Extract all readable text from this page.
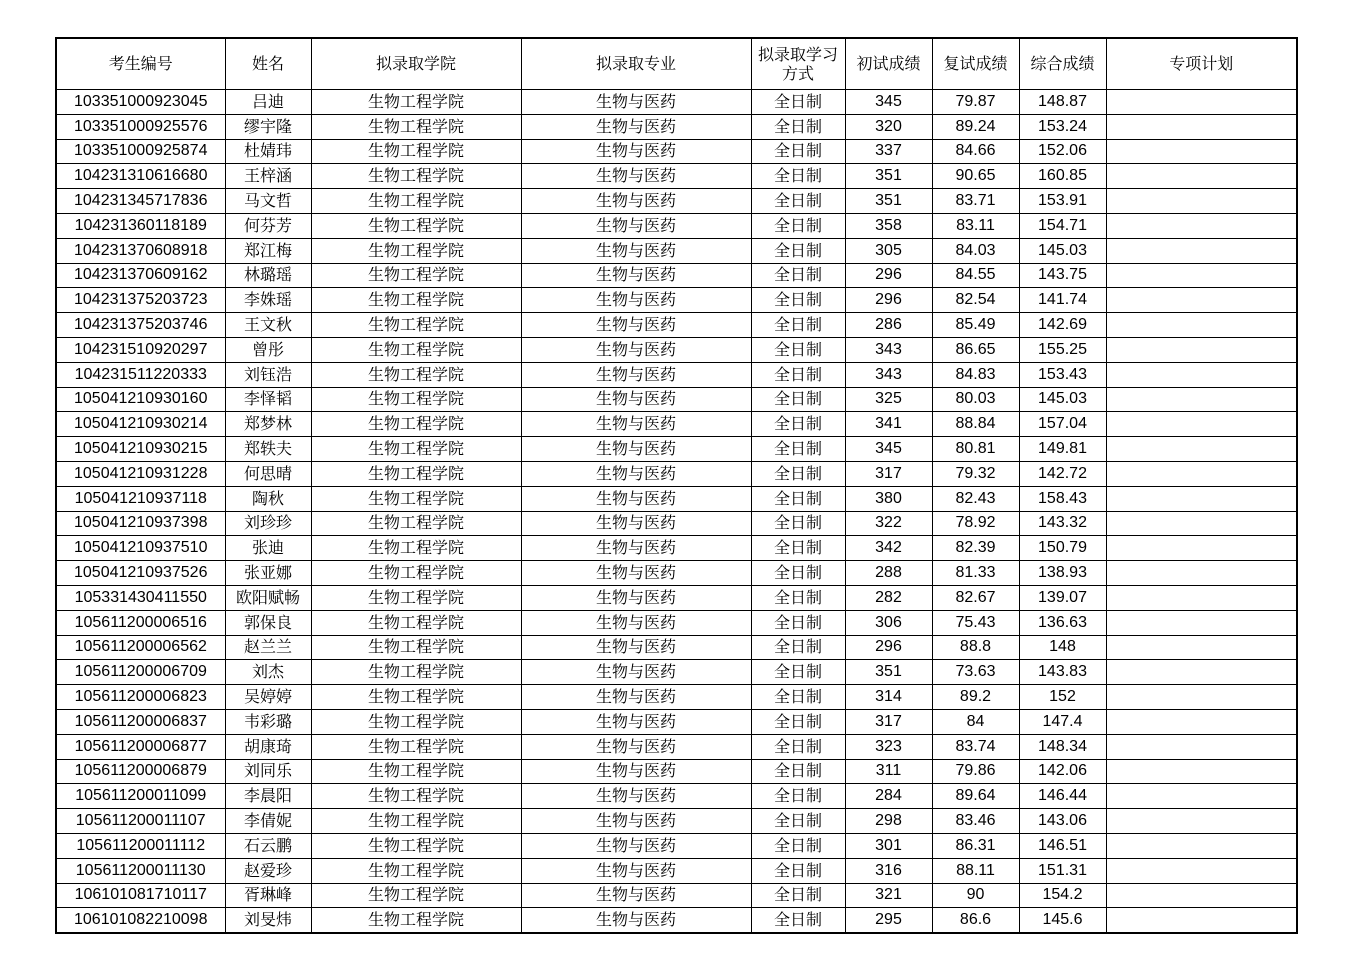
考生编号	姓名	拟录取学院	拟录取专业	拟录取学习方式	初试成绩	复试成绩	综合成绩	专项计划
103351000923045	吕迪	生物工程学院	生物与医药	全日制	345	79.87	148.87	
103351000925576	缪宇隆	生物工程学院	生物与医药	全日制	320	89.24	153.24	
103351000925874	杜婧玮	生物工程学院	生物与医药	全日制	337	84.66	152.06	
104231310616680	王梓涵	生物工程学院	生物与医药	全日制	351	90.65	160.85	
104231345717836	马文哲	生物工程学院	生物与医药	全日制	351	83.71	153.91	
104231360118189	何芬芳	生物工程学院	生物与医药	全日制	358	83.11	154.71	
104231370608918	郑江梅	生物工程学院	生物与医药	全日制	305	84.03	145.03	
104231370609162	林璐瑶	生物工程学院	生物与医药	全日制	296	84.55	143.75	
104231375203723	李姝瑶	生物工程学院	生物与医药	全日制	296	82.54	141.74	
104231375203746	王文秋	生物工程学院	生物与医药	全日制	286	85.49	142.69	
104231510920297	曾彤	生物工程学院	生物与医药	全日制	343	86.65	155.25	
104231511220333	刘钰浩	生物工程学院	生物与医药	全日制	343	84.83	153.43	
105041210930160	李怿韬	生物工程学院	生物与医药	全日制	325	80.03	145.03	
105041210930214	郑梦林	生物工程学院	生物与医药	全日制	341	88.84	157.04	
105041210930215	郑轶夫	生物工程学院	生物与医药	全日制	345	80.81	149.81	
105041210931228	何思晴	生物工程学院	生物与医药	全日制	317	79.32	142.72	
105041210937118	陶秋	生物工程学院	生物与医药	全日制	380	82.43	158.43	
105041210937398	刘珍珍	生物工程学院	生物与医药	全日制	322	78.92	143.32	
105041210937510	张迪	生物工程学院	生物与医药	全日制	342	82.39	150.79	
105041210937526	张亚娜	生物工程学院	生物与医药	全日制	288	81.33	138.93	
105331430411550	欧阳赋畅	生物工程学院	生物与医药	全日制	282	82.67	139.07	
105611200006516	郭保良	生物工程学院	生物与医药	全日制	306	75.43	136.63	
105611200006562	赵兰兰	生物工程学院	生物与医药	全日制	296	88.8	148	
105611200006709	刘杰	生物工程学院	生物与医药	全日制	351	73.63	143.83	
105611200006823	吴婷婷	生物工程学院	生物与医药	全日制	314	89.2	152	
105611200006837	韦彩璐	生物工程学院	生物与医药	全日制	317	84	147.4	
105611200006877	胡康琦	生物工程学院	生物与医药	全日制	323	83.74	148.34	
105611200006879	刘同乐	生物工程学院	生物与医药	全日制	311	79.86	142.06	
105611200011099	李晨阳	生物工程学院	生物与医药	全日制	284	89.64	146.44	
105611200011107	李倩妮	生物工程学院	生物与医药	全日制	298	83.46	143.06	
105611200011112	石云鹏	生物工程学院	生物与医药	全日制	301	86.31	146.51	
105611200011130	赵爱珍	生物工程学院	生物与医药	全日制	316	88.11	151.31	
106101081710117	胥琳峰	生物工程学院	生物与医药	全日制	321	90	154.2	
106101082210098	刘旻炜	生物工程学院	生物与医药	全日制	295	86.6	145.6	
